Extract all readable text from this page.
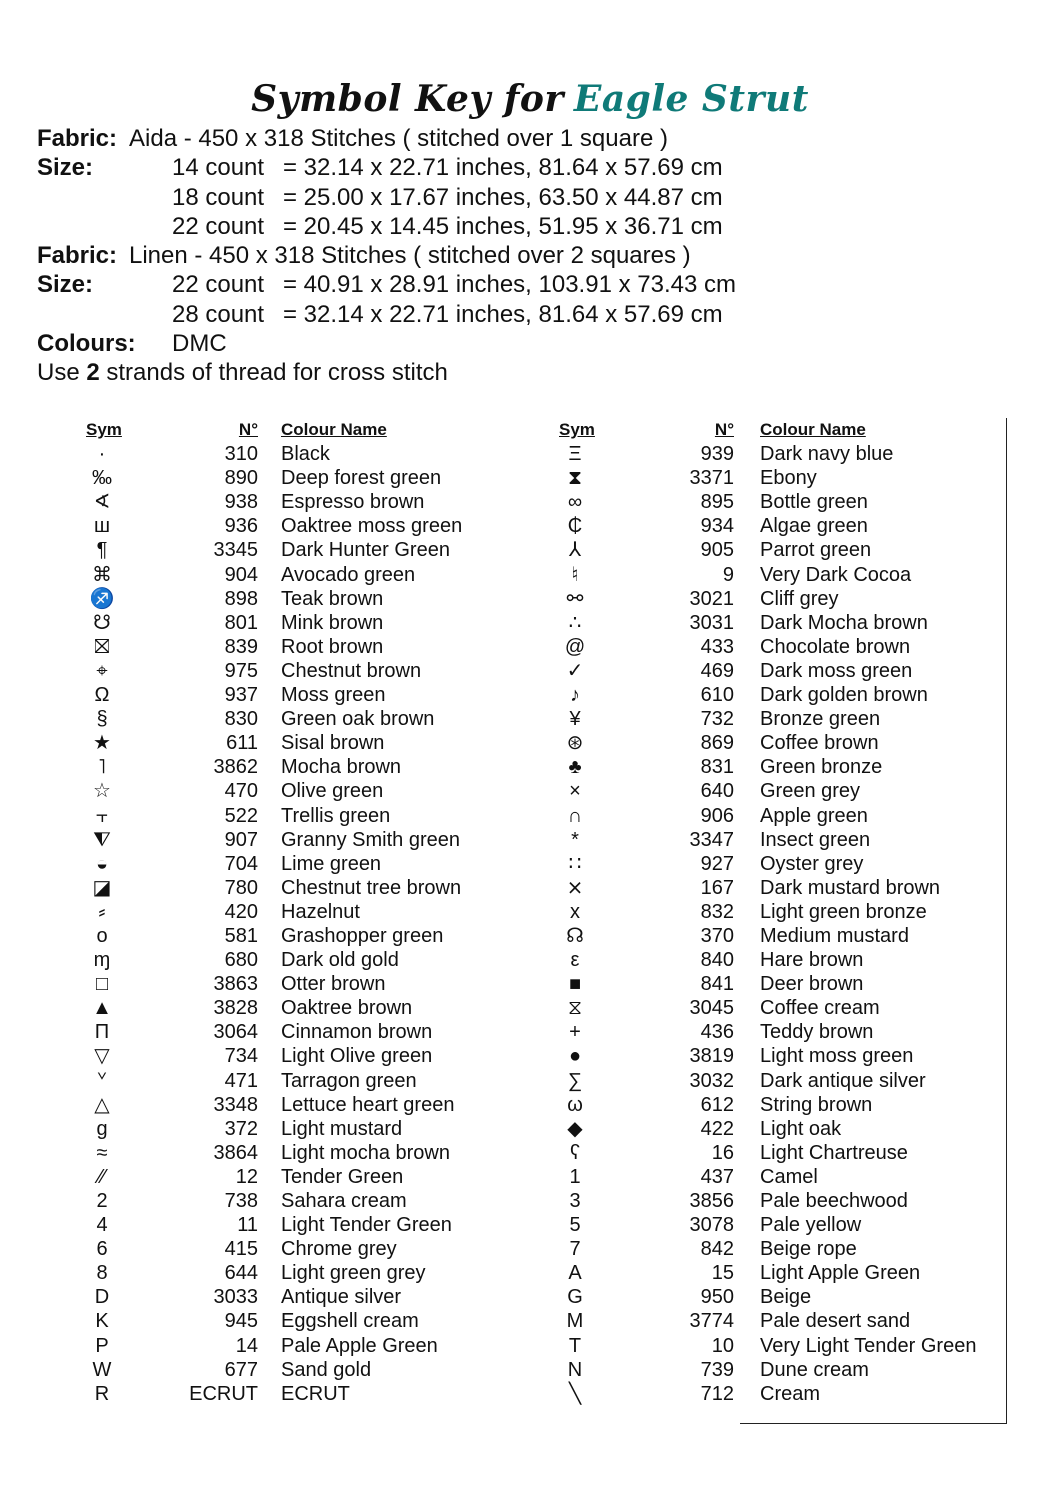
Symbol Key for Eagle Strut
Fabric: Aida - 450 x 318 Stitches ( stitched over 1 square )
Size:	14 count = 32.14 x 22.71 inches, 81.64 x 57.69 cm
18 count = 25.00 x 17.67 inches, 63.50 x 44.87 cm
22 count = 20.45 x 14.45 inches, 51.95 x 36.71 cm
Fabric: Linen - 450 x 318 Stitches ( stitched over 2 squares )
Size:	22 count = 40.91 x 28.91 inches, 103.91 x 73.43 cm
28 count = 32.14 x 22.71 inches, 81.64 x 57.69 cm
Colours: DMC
Use 2 strands of thread for cross stitch
Sym	N° Colour Name
·	310 Black
‰	890 Deep forest green
∢	938 Espresso brown
ш	936 Oaktree moss green
¶	3345 Dark Hunter Green
⌘	904 Avocado green
♐	898 Teak brown
☋	801 Mink brown
⛝	839 Root brown
⌖	975 Chestnut brown
Ω	937 Moss green
§	830 Green oak brown
★	611 Sisal brown
˥	3862 Mocha brown
☆	470 Olive green
⫟	522 Trellis green
⧨	907 Granny Smith green
◒	704 Lime green
◪	780 Chestnut tree brown
⸗	420 Hazelnut
o	581 Grashopper green
ɱ	680 Dark old gold
□	3863 Otter brown
▲	3828 Oaktree brown
Π	3064 Cinnamon brown
▽	734 Light Olive green
ᘁ	471 Tarragon green
△	3348 Lettuce heart green
g	372 Light mustard
≈	3864 Light mocha brown
⁄⁄	12 Tender Green
2	738 Sahara cream
4	11 Light Tender Green
6	415 Chrome grey
8	644 Light green grey
D	3033 Antique silver
K	945 Eggshell cream
P	14 Pale Apple Green
W	677 Sand gold
R	ECRUT ECRUT
Sym	N° Colour Name
Ξ	939 Dark navy blue
⧗	3371 Ebony
∞	895 Bottle green
₵	934 Algae green
⅄	905 Parrot green
♮	9 Very Dark Cocoa
⚯	3021 Cliff grey
∴	3031 Dark Mocha brown
@	433 Chocolate brown
✓	469 Dark moss green
♪	610 Dark golden brown
¥	732 Bronze green
⊛	869 Coffee brown
♣	831 Green bronze
×	640 Green grey
∩	906 Apple green
*	3347 Insect green
∷	927 Oyster grey
⨯	167 Dark mustard brown
x	832 Light green bronze
☊	370 Medium mustard
ε	840 Hare brown
■	841 Deer brown
⧖	3045 Coffee cream
+	436 Teddy brown
●	3819 Light moss green
∑	3032 Dark antique silver
ω	612 String brown
◆	422 Light oak
ʕ	16 Light Chartreuse
1	437 Camel
3	3856 Pale beechwood
5	3078 Pale yellow
7	842 Beige rope
A	15 Light Apple Green
G	950 Beige
M	3774 Pale desert sand
T	10 Very Light Tender Green
N	739 Dune cream
╲	712 Cream
